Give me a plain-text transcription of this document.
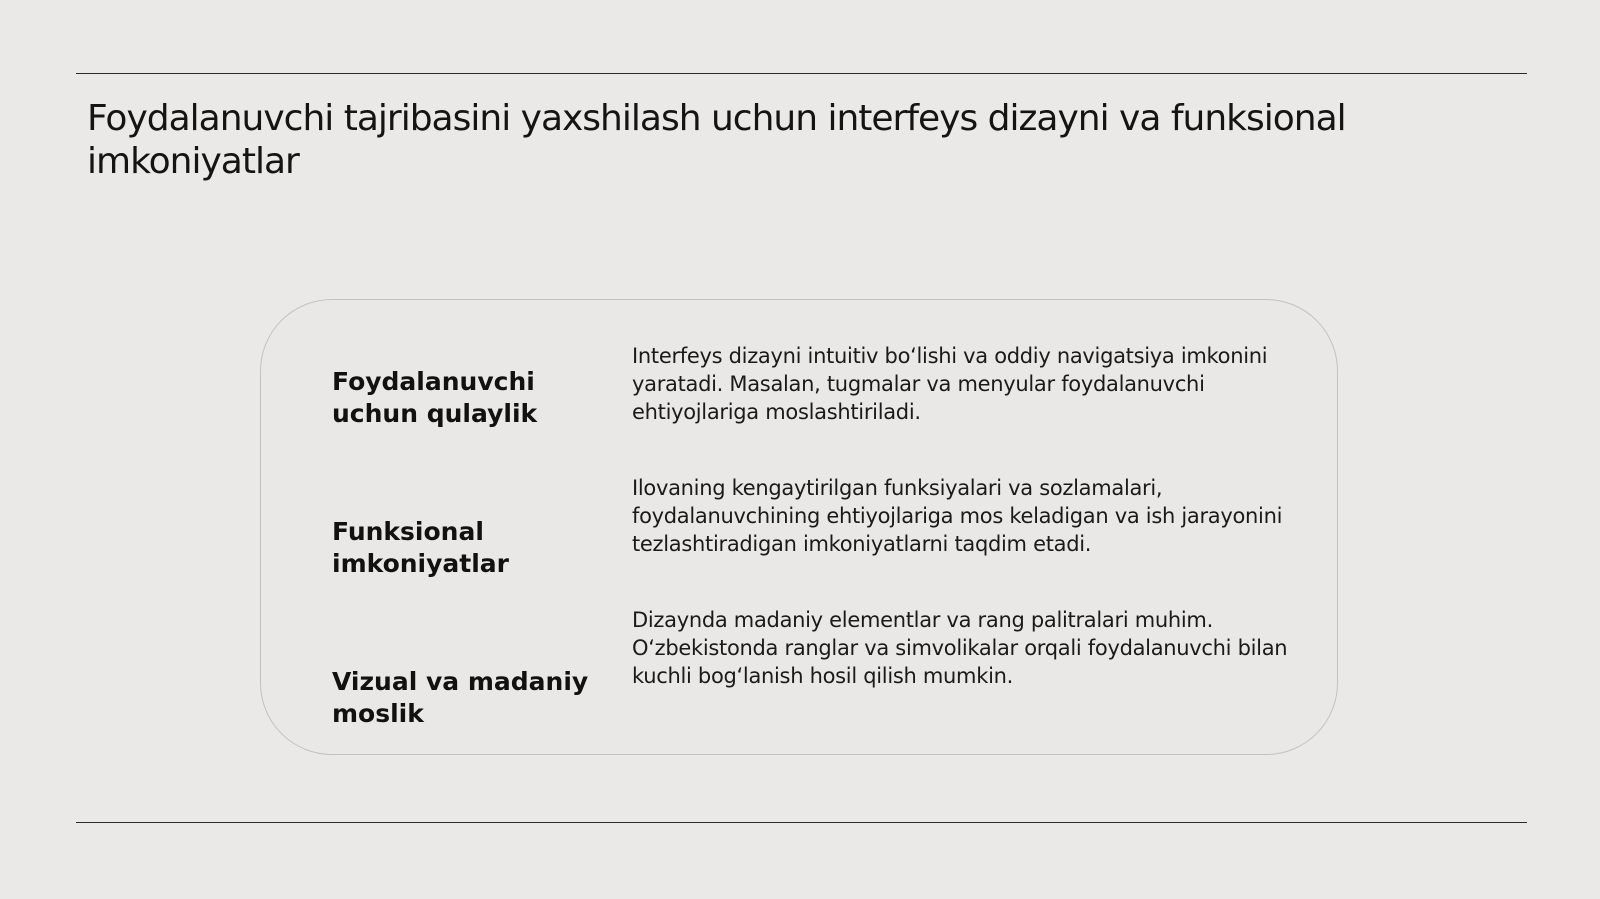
Foydalanuvchi tajribasini yaxshilash uchun interfeys dizayni va funksional imkoniyatlar

Foydalanuvchi uchun qulaylik

Interfeys dizayni intuitiv boʻlishi va oddiy navigatsiya imkonini yaratadi. Masalan, tugmalar va menyular foydalanuvchi ehtiyojlariga moslashtiriladi.

Funksional imkoniyatlar

Ilovaning kengaytirilgan funksiyalari va sozlamalari, foydalanuvchining ehtiyojlariga mos keladigan va ish jarayonini tezlashtiradigan imkoniyatlarni taqdim etadi.

Vizual va madaniy moslik

Dizaynda madaniy elementlar va rang palitralari muhim. Oʻzbekistonda ranglar va simvolikalar orqali foydalanuvchi bilan kuchli bogʻlanish hosil qilish mumkin.
